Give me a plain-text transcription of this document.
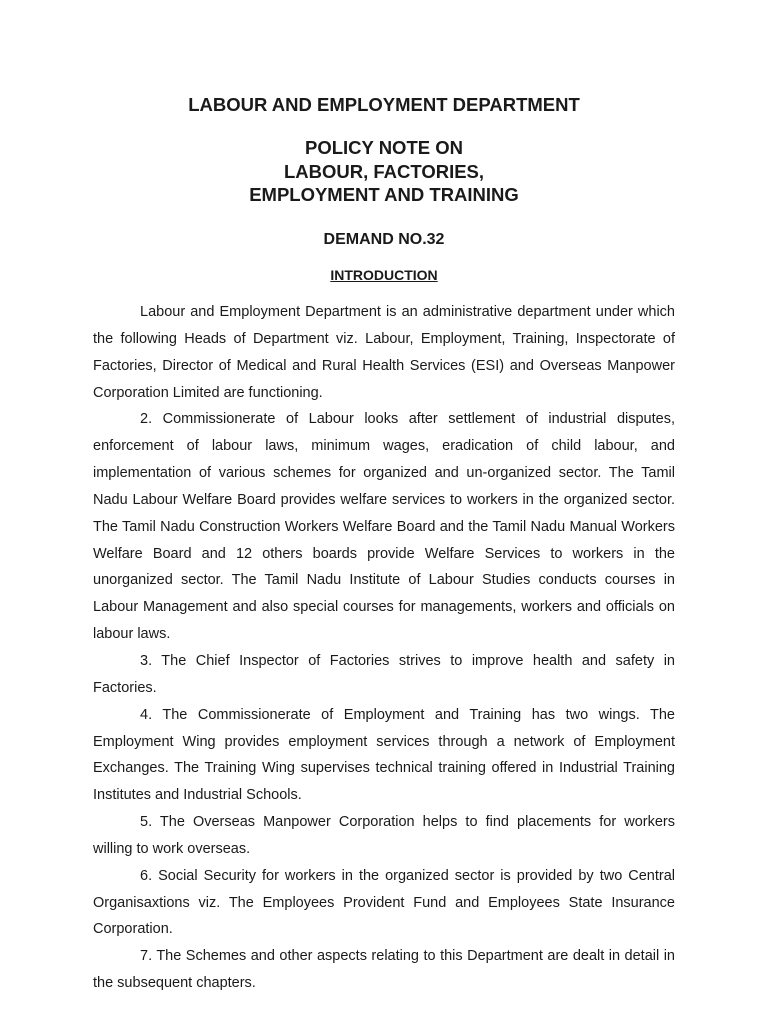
LABOUR AND EMPLOYMENT DEPARTMENT
POLICY NOTE ON
LABOUR, FACTORIES,
EMPLOYMENT AND TRAINING
DEMAND NO.32
INTRODUCTION

Labour and Employment Department is an administrative department under which the following Heads of Department viz. Labour, Employment, Training, Inspectorate of Factories, Director of Medical and Rural Health Services (ESI) and Overseas Manpower Corporation Limited are functioning.

2. Commissionerate of Labour looks after settlement of industrial disputes, enforcement of labour laws, minimum wages, eradication of child labour, and implementation of various schemes for organized and un-organized sector. The Tamil Nadu Labour Welfare Board provides welfare services to workers in the organized sector. The Tamil Nadu Construction Workers Welfare Board and the Tamil Nadu Manual Workers Welfare Board and 12 others boards provide Welfare Services to workers in the unorganized sector. The Tamil Nadu Institute of Labour Studies conducts courses in Labour Management and also special courses for managements, workers and officials on labour laws.

3. The Chief Inspector of Factories strives to improve health and safety in Factories.

4. The Commissionerate of Employment and Training has two wings. The Employment Wing provides employment services through a network of Employment Exchanges. The Training Wing supervises technical training offered in Industrial Training Institutes and Industrial Schools.

5. The Overseas Manpower Corporation helps to find placements for workers willing to work overseas.

6. Social Security for workers in the organized sector is provided by two Central Organisaxtions viz. The Employees Provident Fund and Employees State Insurance Corporation.

7. The Schemes and other aspects relating to this Department are dealt in detail in the subsequent chapters.
